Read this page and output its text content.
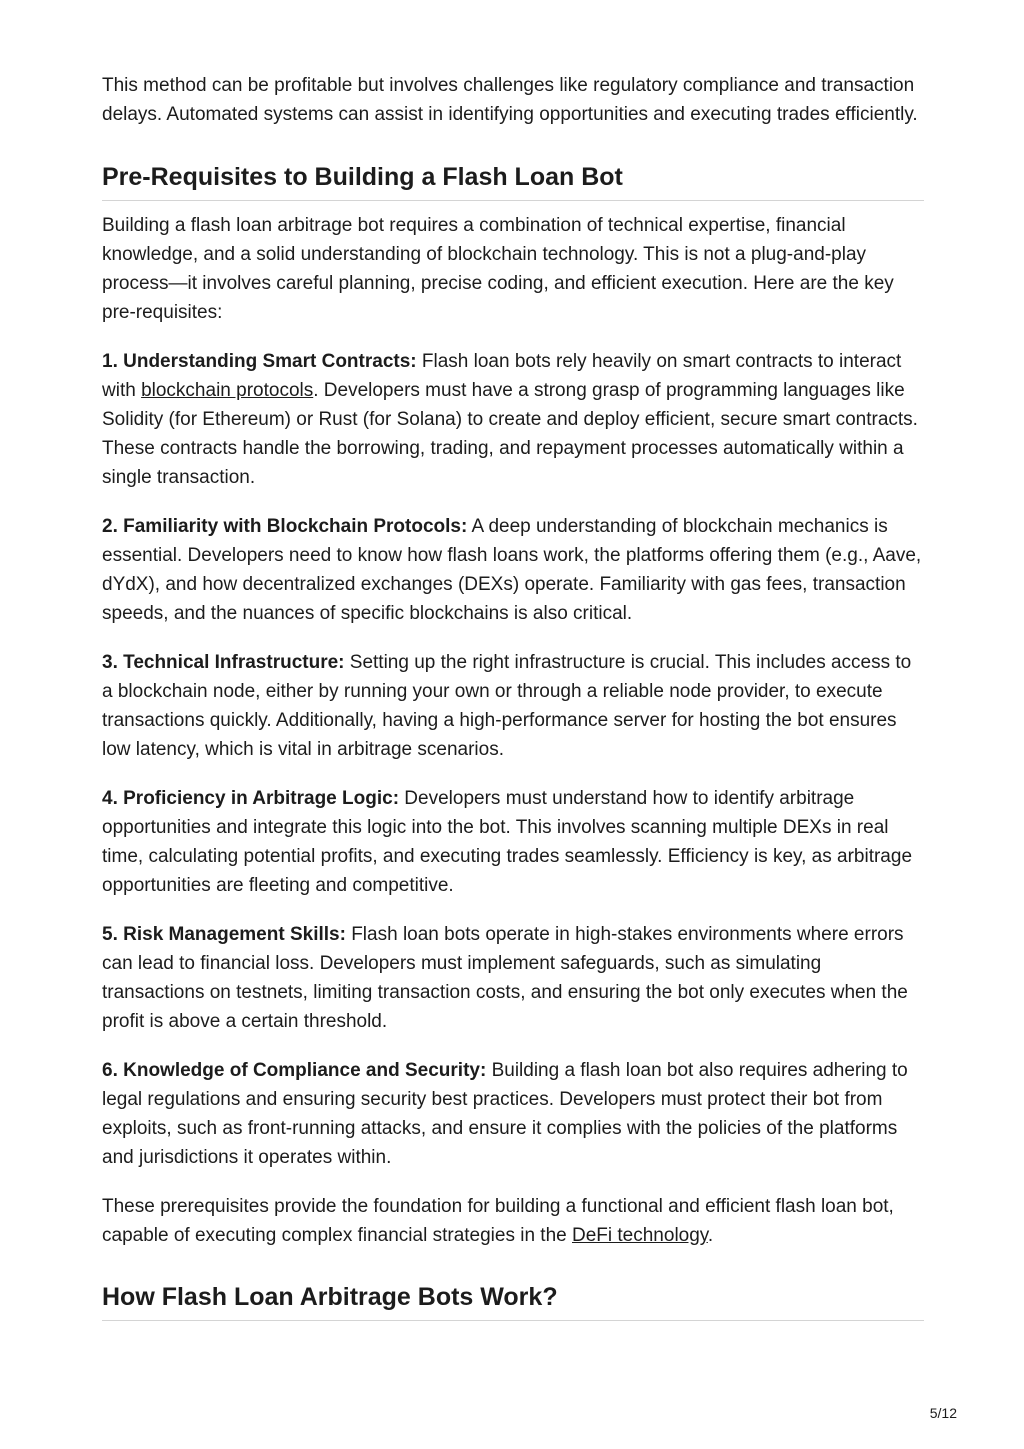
This method can be profitable but involves challenges like regulatory compliance and transaction delays. Automated systems can assist in identifying opportunities and executing trades efficiently.

Pre-Requisites to Building a Flash Loan Bot

Building a flash loan arbitrage bot requires a combination of technical expertise, financial knowledge, and a solid understanding of blockchain technology. This is not a plug-and-play process—it involves careful planning, precise coding, and efficient execution. Here are the key pre-requisites:

1. Understanding Smart Contracts: Flash loan bots rely heavily on smart contracts to interact with blockchain protocols. Developers must have a strong grasp of programming languages like Solidity (for Ethereum) or Rust (for Solana) to create and deploy efficient, secure smart contracts. These contracts handle the borrowing, trading, and repayment processes automatically within a single transaction.

2. Familiarity with Blockchain Protocols: A deep understanding of blockchain mechanics is essential. Developers need to know how flash loans work, the platforms offering them (e.g., Aave, dYdX), and how decentralized exchanges (DEXs) operate. Familiarity with gas fees, transaction speeds, and the nuances of specific blockchains is also critical.

3. Technical Infrastructure: Setting up the right infrastructure is crucial. This includes access to a blockchain node, either by running your own or through a reliable node provider, to execute transactions quickly. Additionally, having a high-performance server for hosting the bot ensures low latency, which is vital in arbitrage scenarios.

4. Proficiency in Arbitrage Logic: Developers must understand how to identify arbitrage opportunities and integrate this logic into the bot. This involves scanning multiple DEXs in real time, calculating potential profits, and executing trades seamlessly. Efficiency is key, as arbitrage opportunities are fleeting and competitive.

5. Risk Management Skills: Flash loan bots operate in high-stakes environments where errors can lead to financial loss. Developers must implement safeguards, such as simulating transactions on testnets, limiting transaction costs, and ensuring the bot only executes when the profit is above a certain threshold.

6. Knowledge of Compliance and Security: Building a flash loan bot also requires adhering to legal regulations and ensuring security best practices. Developers must protect their bot from exploits, such as front-running attacks, and ensure it complies with the policies of the platforms and jurisdictions it operates within.

These prerequisites provide the foundation for building a functional and efficient flash loan bot, capable of executing complex financial strategies in the DeFi technology.

How Flash Loan Arbitrage Bots Work?
5/12
